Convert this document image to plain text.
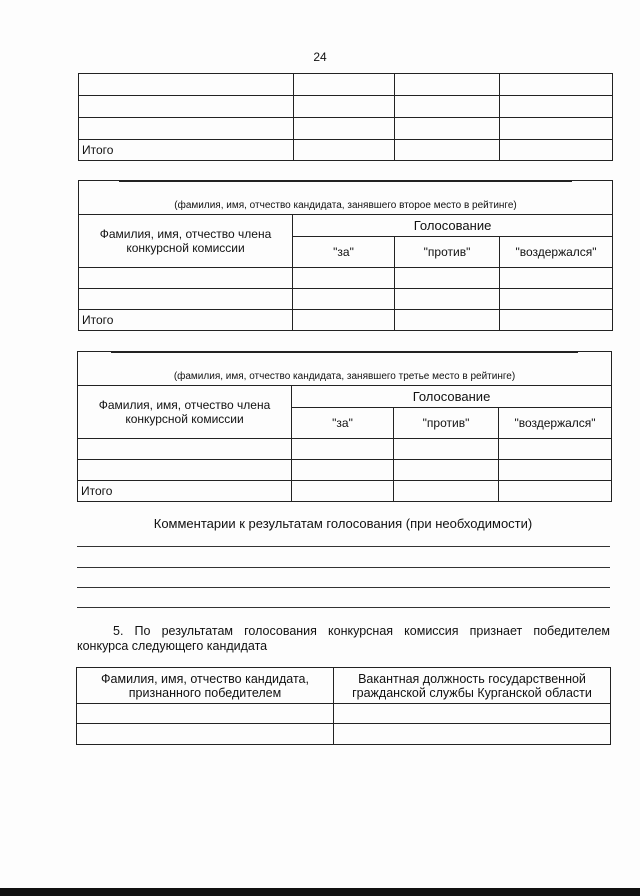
24

Итого			
(фамилия, имя, отчество кандидата, занявшего второе место в рейтинге)			

Фамилия, имя, отчество члена конкурсной комиссии	Голосование		
	"за"	"против"	"воздержался"

Итого			
(фамилия, имя, отчество кандидата, занявшего третье место в рейтинге)			

Фамилия, имя, отчество члена конкурсной комиссии	Голосование		
	"за"	"против"	"воздержался"

Итого			
Комментарии к результатам голосования (при необходимости)
5. По результатам голосования конкурсная комиссия признает победителем конкурса следующего кандидата
Фамилия, имя, отчество кандидата, признанного победителем	Вакантная должность государственной гражданской службы Курганской области
